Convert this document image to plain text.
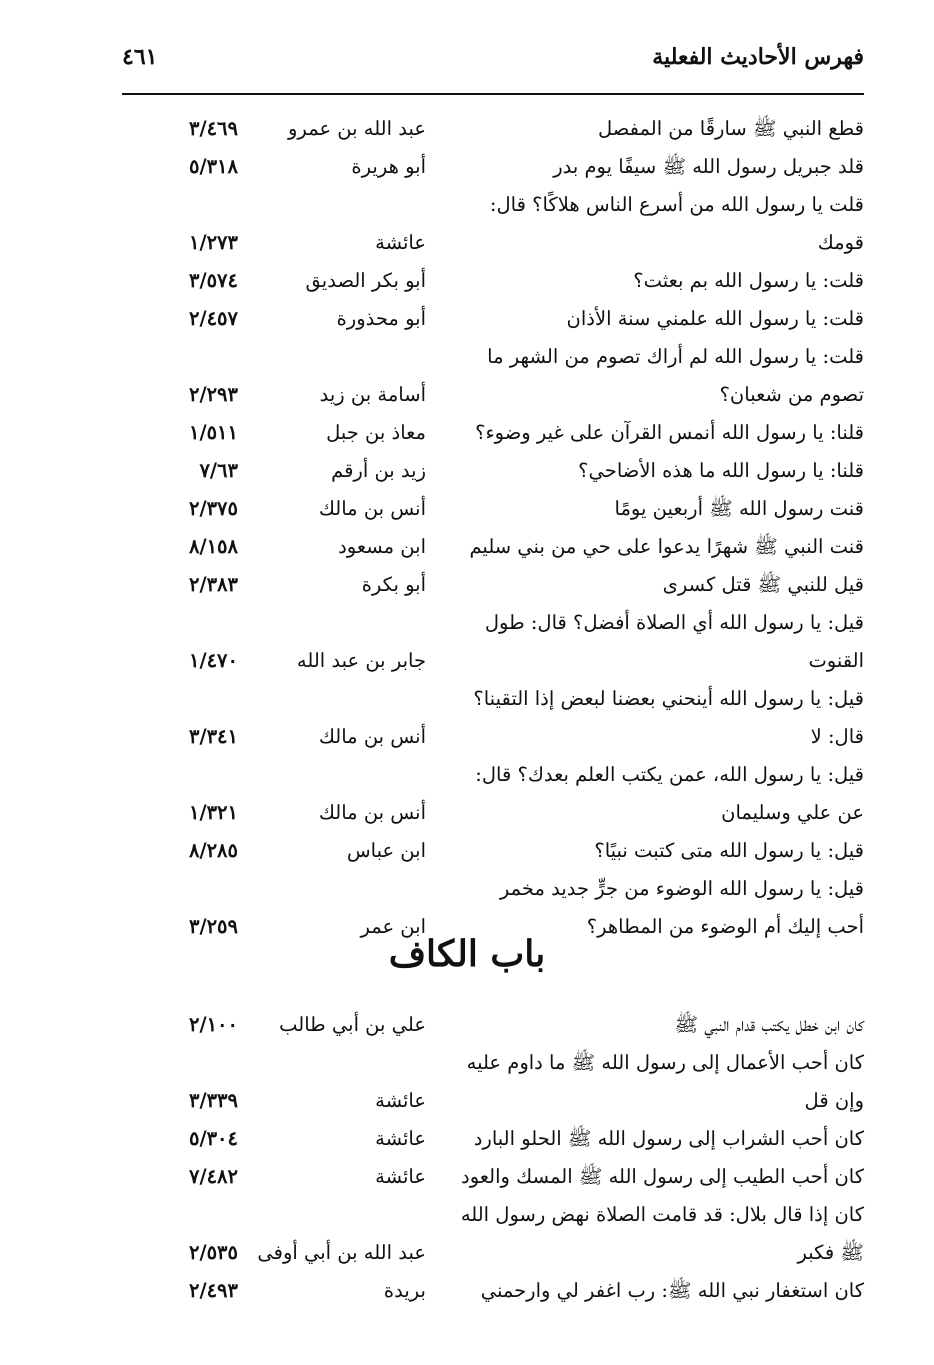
فهرس الأحاديث الفعلية
٤٦١
قطع النبي ﷺ سارقًا من المفصل
عبد الله بن عمرو
٣/٤٦٩
قلد جبريل رسول الله ﷺ سيفًا يوم بدر
أبو هريرة
٥/٣١٨
قلت يا رسول الله من أسرع الناس هلاكًا؟ قال:
قومك
عائشة
١/٢٧٣
قلت: يا رسول الله بم بعثت؟
أبو بكر الصديق
٣/٥٧٤
قلت: يا رسول الله علمني سنة الأذان
أبو محذورة
٢/٤٥٧
قلت: يا رسول الله لم أراك تصوم من الشهر ما
تصوم من شعبان؟
أسامة بن زيد
٢/٢٩٣
قلنا: يا رسول الله أنمس القرآن على غير وضوء؟
معاذ بن جبل
١/٥١١
قلنا: يا رسول الله ما هذه الأضاحي؟
زيد بن أرقم
٧/٦٣
قنت رسول الله ﷺ أربعين يومًا
أنس بن مالك
٢/٣٧٥
قنت النبي ﷺ شهرًا يدعوا على حي من بني سليم
ابن مسعود
٨/١٥٨
قيل للنبي ﷺ قتل كسرى
أبو بكرة
٢/٣٨٣
قيل: يا رسول الله أي الصلاة أفضل؟ قال: طول
القنوت
جابر بن عبد الله
١/٤٧٠
قيل: يا رسول الله أينحني بعضنا لبعض إذا التقينا؟
قال: لا
أنس بن مالك
٣/٣٤١
قيل: يا رسول الله، عمن يكتب العلم بعدك؟ قال:
عن علي وسليمان
أنس بن مالك
١/٣٢١
قيل: يا رسول الله متى كتبت نبيًا؟
ابن عباس
٨/٢٨٥
قيل: يا رسول الله الوضوء من جرٍّ جديد مخمر
أحب إليك أم الوضوء من المطاهر؟
ابن عمر
٣/٢٥٩
باب الكاف
كان ابن خطل يكتب قدام النبي ﷺ
علي بن أبي طالب
٢/١٠٠
كان أحب الأعمال إلى رسول الله ﷺ ما داوم عليه
وإن قل
عائشة
٣/٣٣٩
كان أحب الشراب إلى رسول الله ﷺ الحلو البارد
عائشة
٥/٣٠٤
كان أحب الطيب إلى رسول الله ﷺ المسك والعود
عائشة
٧/٤٨٢
كان إذا قال بلال: قد قامت الصلاة نهض رسول الله
ﷺ فكبر
عبد الله بن أبي أوفى
٢/٥٣٥
كان استغفار نبي الله ﷺ: رب اغفر لي وارحمني
بريدة
٢/٤٩٣
